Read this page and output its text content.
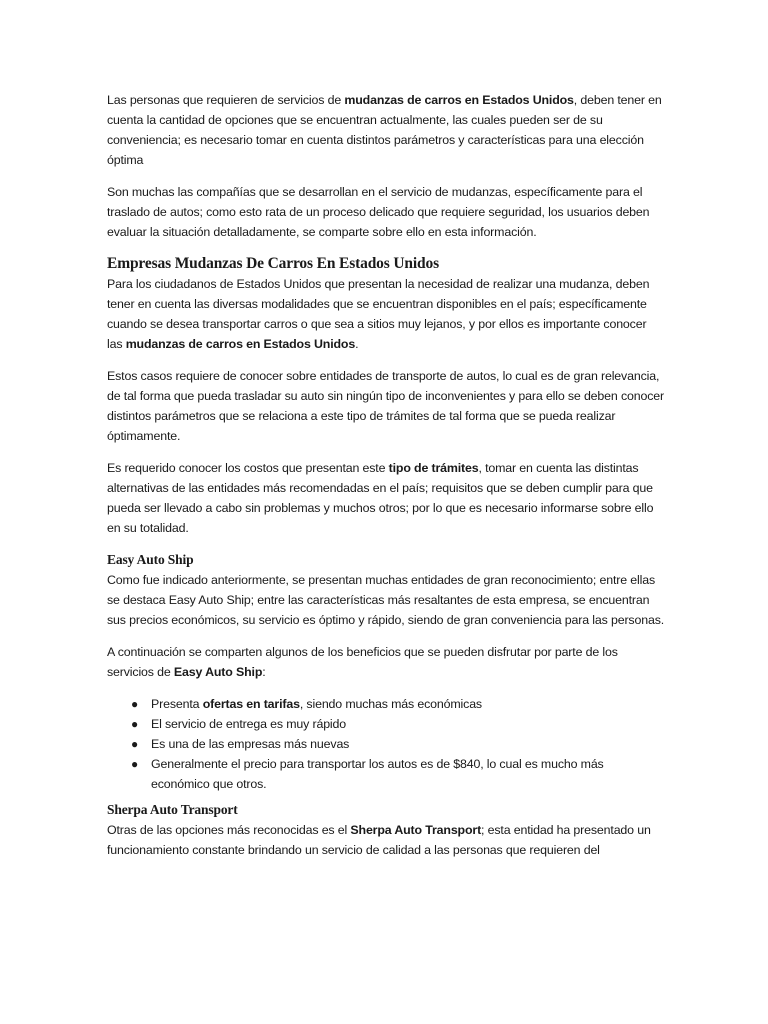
Las personas que requieren de servicios de mudanzas de carros en Estados Unidos, deben tener en cuenta la cantidad de opciones que se encuentran actualmente, las cuales pueden ser de su conveniencia; es necesario tomar en cuenta distintos parámetros y características para una elección óptima

Son muchas las compañías que se desarrollan en el servicio de mudanzas, específicamente para el traslado de autos; como esto rata de un proceso delicado que requiere seguridad, los usuarios deben evaluar la situación detalladamente, se comparte sobre ello en esta información.

Empresas Mudanzas De Carros En Estados Unidos

Para los ciudadanos de Estados Unidos que presentan la necesidad de realizar una mudanza, deben tener en cuenta las diversas modalidades que se encuentran disponibles en el país; específicamente cuando se desea transportar carros o que sea a sitios muy lejanos, y por ellos es importante conocer las mudanzas de carros en Estados Unidos.

Estos casos requiere de conocer sobre entidades de transporte de autos, lo cual es de gran relevancia, de tal forma que pueda trasladar su auto sin ningún tipo de inconvenientes y para ello se deben conocer distintos parámetros que se relaciona a este tipo de trámites de tal forma que se pueda realizar óptimamente.

Es requerido conocer los costos que presentan este tipo de trámites, tomar en cuenta las distintas alternativas de las entidades más recomendadas en el país; requisitos que se deben cumplir para que pueda ser llevado a cabo sin problemas y muchos otros; por lo que es necesario informarse sobre ello en su totalidad.

Easy Auto Ship

Como fue indicado anteriormente, se presentan muchas entidades de gran reconocimiento; entre ellas se destaca Easy Auto Ship; entre las características más resaltantes de esta empresa, se encuentran sus precios económicos, su servicio es óptimo y rápido, siendo de gran conveniencia para las personas.

A continuación se comparten algunos de los beneficios que se pueden disfrutar por parte de los servicios de Easy Auto Ship:

● Presenta ofertas en tarifas, siendo muchas más económicas
● El servicio de entrega es muy rápido
● Es una de las empresas más nuevas
● Generalmente el precio para transportar los autos es de $840, lo cual es mucho más económico que otros.
Sherpa Auto Transport

Otras de las opciones más reconocidas es el Sherpa Auto Transport; esta entidad ha presentado un funcionamiento constante brindando un servicio de calidad a las personas que requieren del
